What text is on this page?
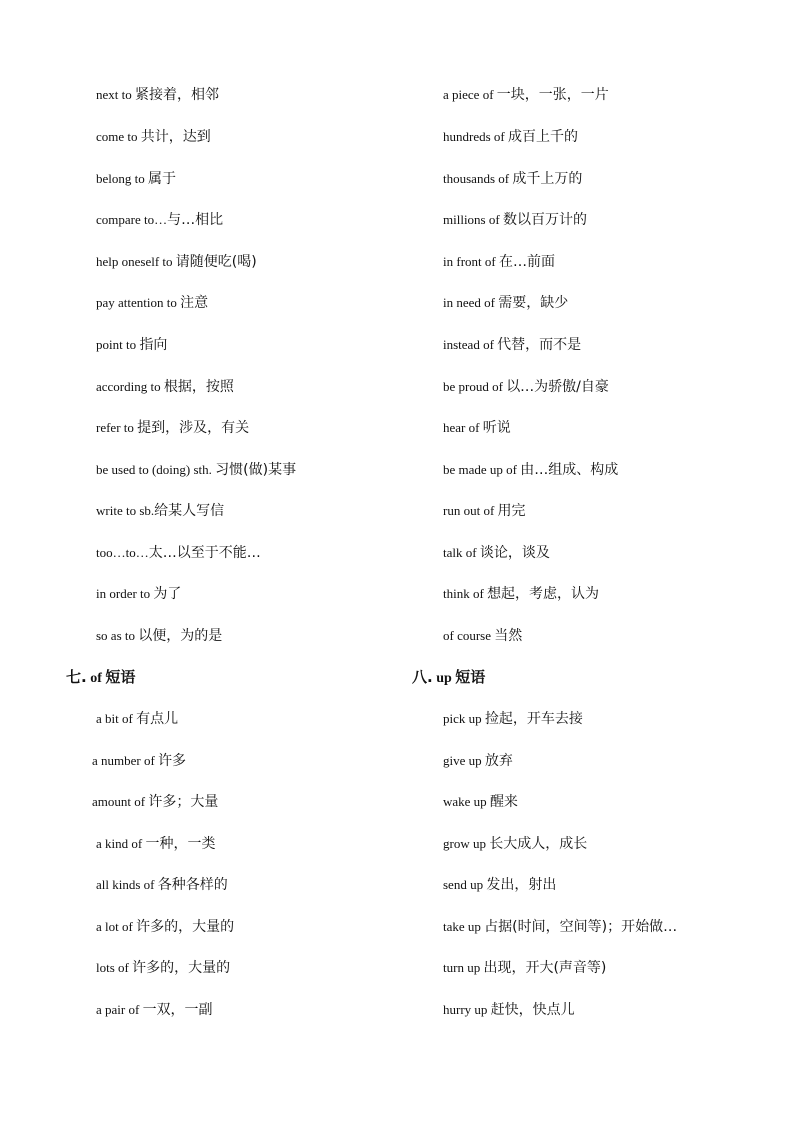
next to 紧接着，相邻
come to 共计，达到
belong to 属于
compare to…与…相比
help oneself to 请随便吃(喝)
pay attention to 注意
point to 指向
according to 根据，按照
refer to 提到，涉及，有关
be used to (doing) sth. 习惯(做)某事
write to sb.给某人写信
too…to…太…以至于不能…
in order to 为了
so as to 以便，为的是
a piece of 一块，一张，一片
hundreds of 成百上千的
thousands of 成千上万的
millions of 数以百万计的
in front of 在…前面
in need of 需要，缺少
instead of 代替，而不是
be proud of 以…为骄傲/自豪
hear of 听说
be made up of 由…组成、构成
run out of 用完
talk of 谈论，谈及
think of 想起，考虑，认为
of course 当然
七. of 短语
a bit of 有点儿
a number of 许多
amount of 许多；大量
a kind of 一种，一类
all kinds of 各种各样的
a lot of 许多的，大量的
lots of 许多的，大量的
a pair of 一双，一副
八. up 短语
pick up 捡起，开车去接
give up 放弃
wake up 醒来
grow up 长大成人，成长
send up 发出，射出
take up 占据(时间，空间等)；开始做…
turn up 出现，开大(声音等)
hurry up 赶快，快点儿
